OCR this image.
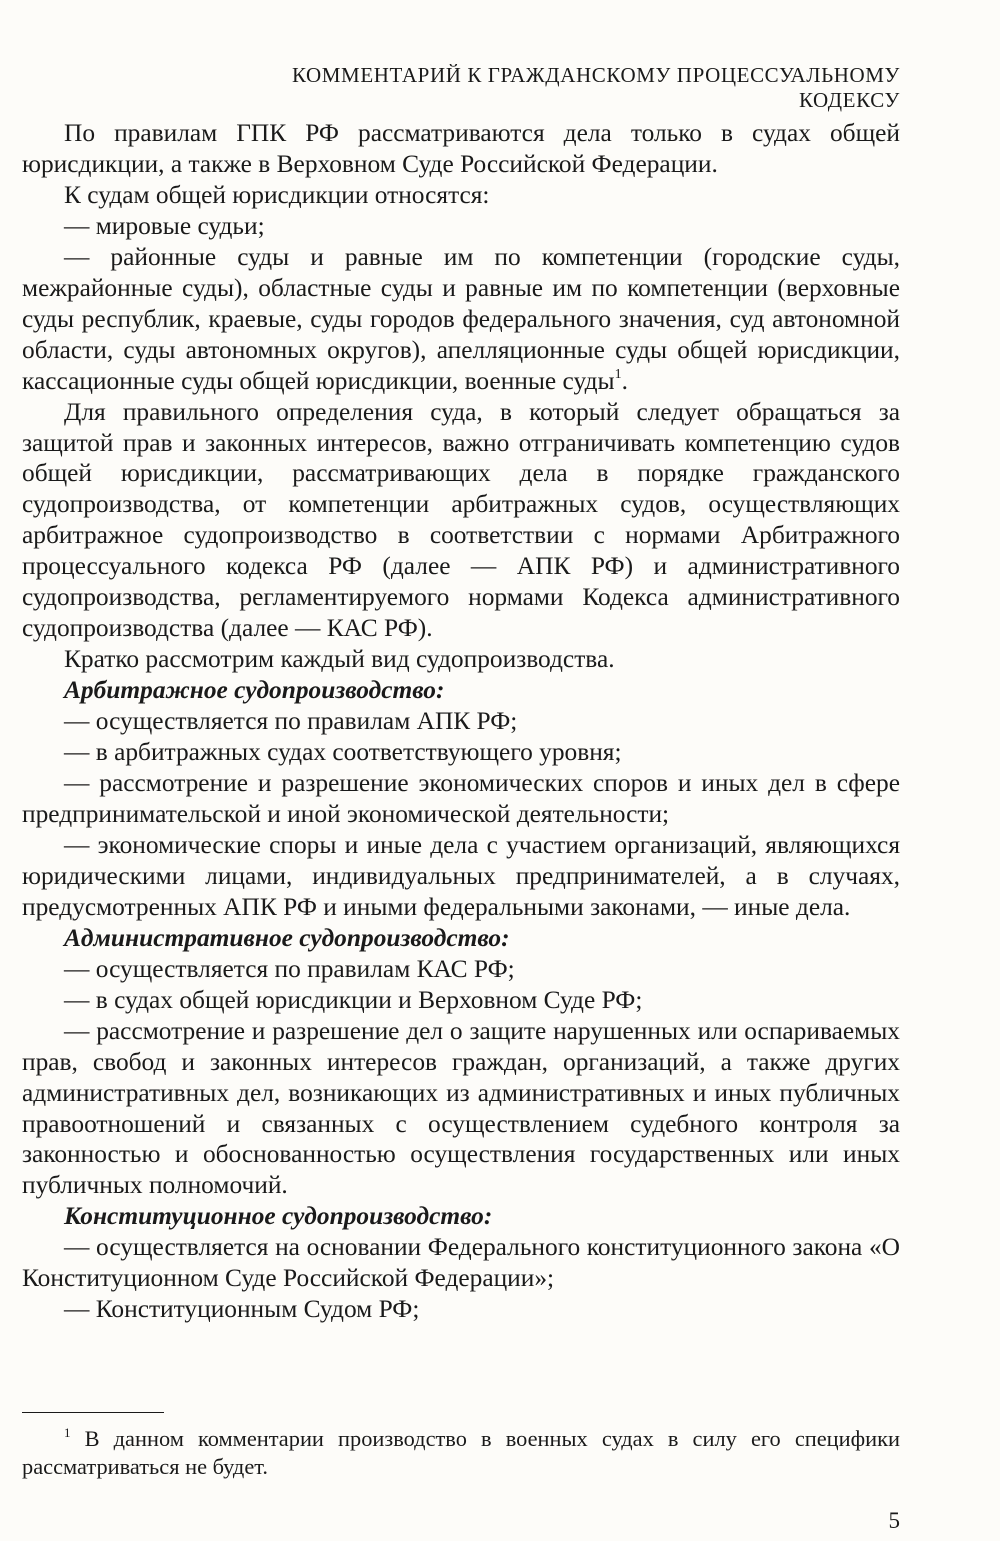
КОММЕНТАРИЙ К ГРАЖДАНСКОМУ ПРОЦЕССУАЛЬНОМУ КОДЕКСУ

По правилам ГПК РФ рассматриваются дела только в судах общей юрисдикции, а также в Верховном Суде Российской Федерации.

К судам общей юрисдикции относятся:

— мировые судьи;

— районные суды и равные им по компетенции (городские суды, межрайонные суды), областные суды и равные им по компетенции (верховные суды республик, краевые, суды городов федерального значения, суд автономной области, суды автономных округов), апелляционные суды общей юрисдикции, кассационные суды общей юрисдикции, военные суды$^1$.

Для правильного определения суда, в который следует обращаться за защитой прав и законных интересов, важно отграничивать компетенцию судов общей юрисдикции, рассматривающих дела в порядке гражданского судопроизводства, от компетенции арбитражных судов, осуществляющих арбитражное судопроизводство в соответствии с нормами Арбитражного процессуального кодекса РФ (далее — АПК РФ) и административного судопроизводства, регламентируемого нормами Кодекса административного судопроизводства (далее — КАС РФ).

Кратко рассмотрим каждый вид судопроизводства.

Арбитражное судопроизводство:

— осуществляется по правилам АПК РФ;

— в арбитражных судах соответствующего уровня;

— рассмотрение и разрешение экономических споров и иных дел в сфере предпринимательской и иной экономической деятельности;

— экономические споры и иные дела с участием организаций, являющихся юридическими лицами, индивидуальных предпринимателей, а в случаях, предусмотренных АПК РФ и иными федеральными законами, — иные дела.

Административное судопроизводство:

— осуществляется по правилам КАС РФ;

— в судах общей юрисдикции и Верховном Суде РФ;

— рассмотрение и разрешение дел о защите нарушенных или оспариваемых прав, свобод и законных интересов граждан, организаций, а также других административных дел, возникающих из административных и иных публичных правоотношений и связанных с осуществлением судебного контроля за законностью и обоснованностью осуществления государственных или иных публичных полномочий.

Конституционное судопроизводство:

— осуществляется на основании Федерального конституционного закона «О Конституционном Суде Российской Федерации»;

— Конституционным Судом РФ;

$^1$ В данном комментарии производство в военных судах в силу его специфики рассматриваться не будет.

5
